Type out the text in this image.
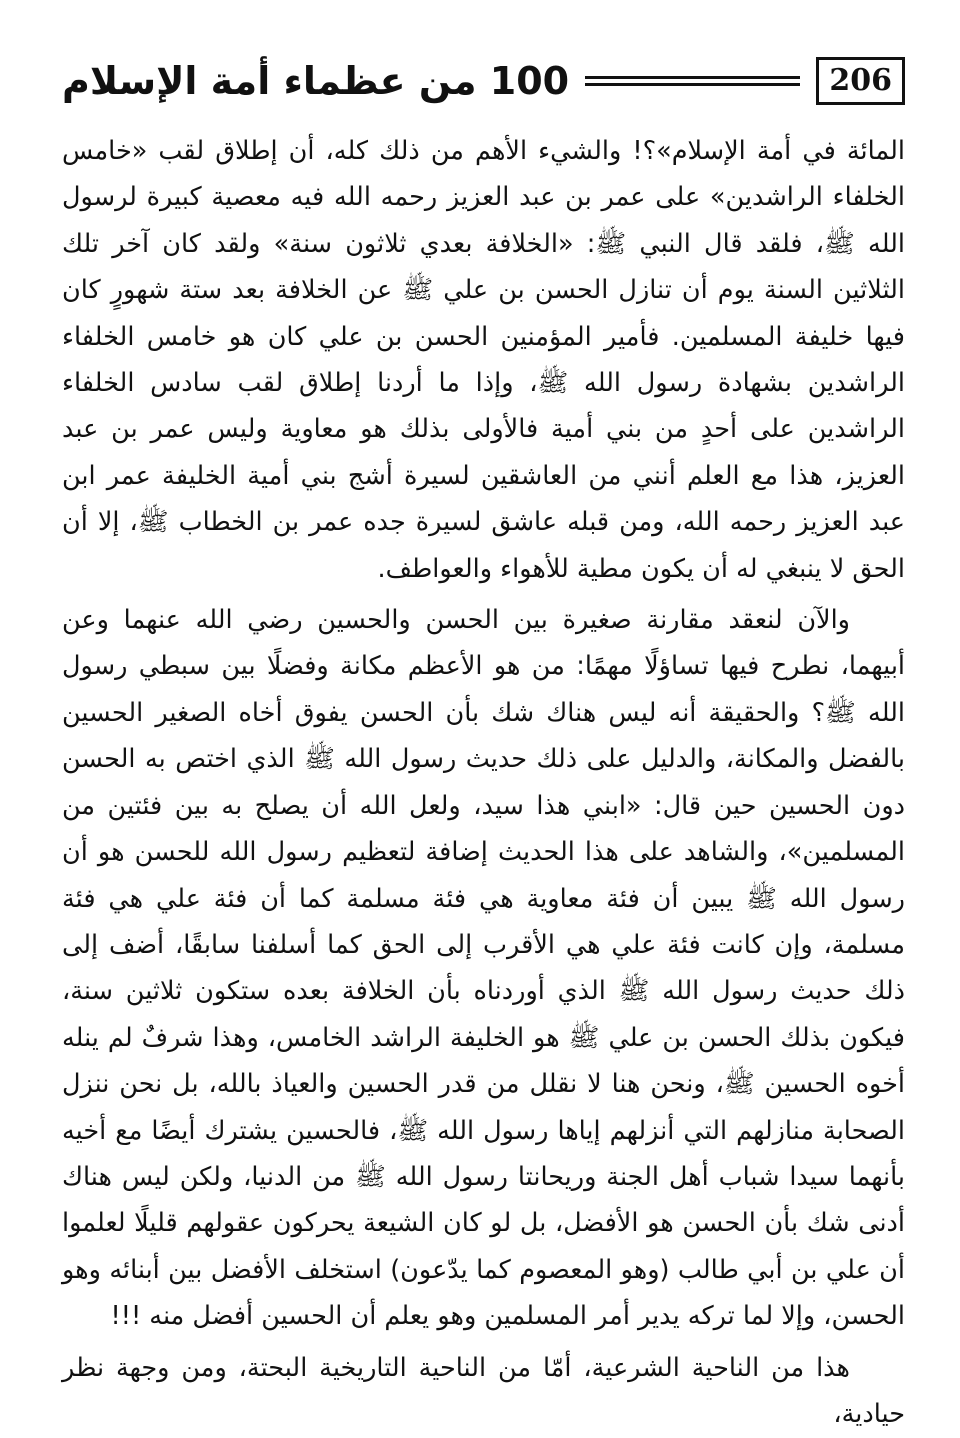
100 من عظماء أمة الإسلام	206

المائة في أمة الإسلام»؟! والشيء الأهم من ذلك كله، أن إطلاق لقب «خامس الخلفاء الراشدين» على عمر بن عبد العزيز رحمه الله فيه معصية كبيرة لرسول الله ﷺ، فلقد قال النبي ﷺ: «الخلافة بعدي ثلاثون سنة» ولقد كان آخر تلك الثلاثين السنة يوم أن تنازل الحسن بن علي ﷺ عن الخلافة بعد ستة شهورٍ كان فيها خليفة المسلمين. فأمير المؤمنين الحسن بن علي كان هو خامس الخلفاء الراشدين بشهادة رسول الله ﷺ، وإذا ما أردنا إطلاق لقب سادس الخلفاء الراشدين على أحدٍ من بني أمية فالأولى بذلك هو معاوية وليس عمر بن عبد العزيز، هذا مع العلم أنني من العاشقين لسيرة أشج بني أمية الخليفة عمر ابن عبد العزيز رحمه الله، ومن قبله عاشق لسيرة جده عمر بن الخطاب ﷺ، إلا أن الحق لا ينبغي له أن يكون مطية للأهواء والعواطف.

والآن لنعقد مقارنة صغيرة بين الحسن والحسين رضي الله عنهما وعن أبيهما، نطرح فيها تساؤلًا مهمًا: من هو الأعظم مكانة وفضلًا بين سبطي رسول الله ﷺ؟ والحقيقة أنه ليس هناك شك بأن الحسن يفوق أخاه الصغير الحسين بالفضل والمكانة، والدليل على ذلك حديث رسول الله ﷺ الذي اختص به الحسن دون الحسين حين قال: «ابني هذا سيد، ولعل الله أن يصلح به بين فئتين من المسلمين»، والشاهد على هذا الحديث إضافة لتعظيم رسول الله للحسن هو أن رسول الله ﷺ يبين أن فئة معاوية هي فئة مسلمة كما أن فئة علي هي فئة مسلمة، وإن كانت فئة علي هي الأقرب إلى الحق كما أسلفنا سابقًا، أضف إلى ذلك حديث رسول الله ﷺ الذي أوردناه بأن الخلافة بعده ستكون ثلاثين سنة، فيكون بذلك الحسن بن علي ﷺ هو الخليفة الراشد الخامس، وهذا شرفٌ لم ينله أخوه الحسين ﷺ، ونحن هنا لا نقلل من قدر الحسين والعياذ بالله، بل نحن ننزل الصحابة منازلهم التي أنزلهم إياها رسول الله ﷺ، فالحسين يشترك أيضًا مع أخيه بأنهما سيدا شباب أهل الجنة وريحانتا رسول الله ﷺ من الدنيا، ولكن ليس هناك أدنى شك بأن الحسن هو الأفضل، بل لو كان الشيعة يحركون عقولهم قليلًا لعلموا أن علي بن أبي طالب (وهو المعصوم كما يدّعون) استخلف الأفضل بين أبنائه وهو الحسن، وإلا لما تركه يدير أمر المسلمين وهو يعلم أن الحسين أفضل منه !!!

هذا من الناحية الشرعية، أمّا من الناحية التاريخية البحتة، ومن وجهة نظر حيادية،
